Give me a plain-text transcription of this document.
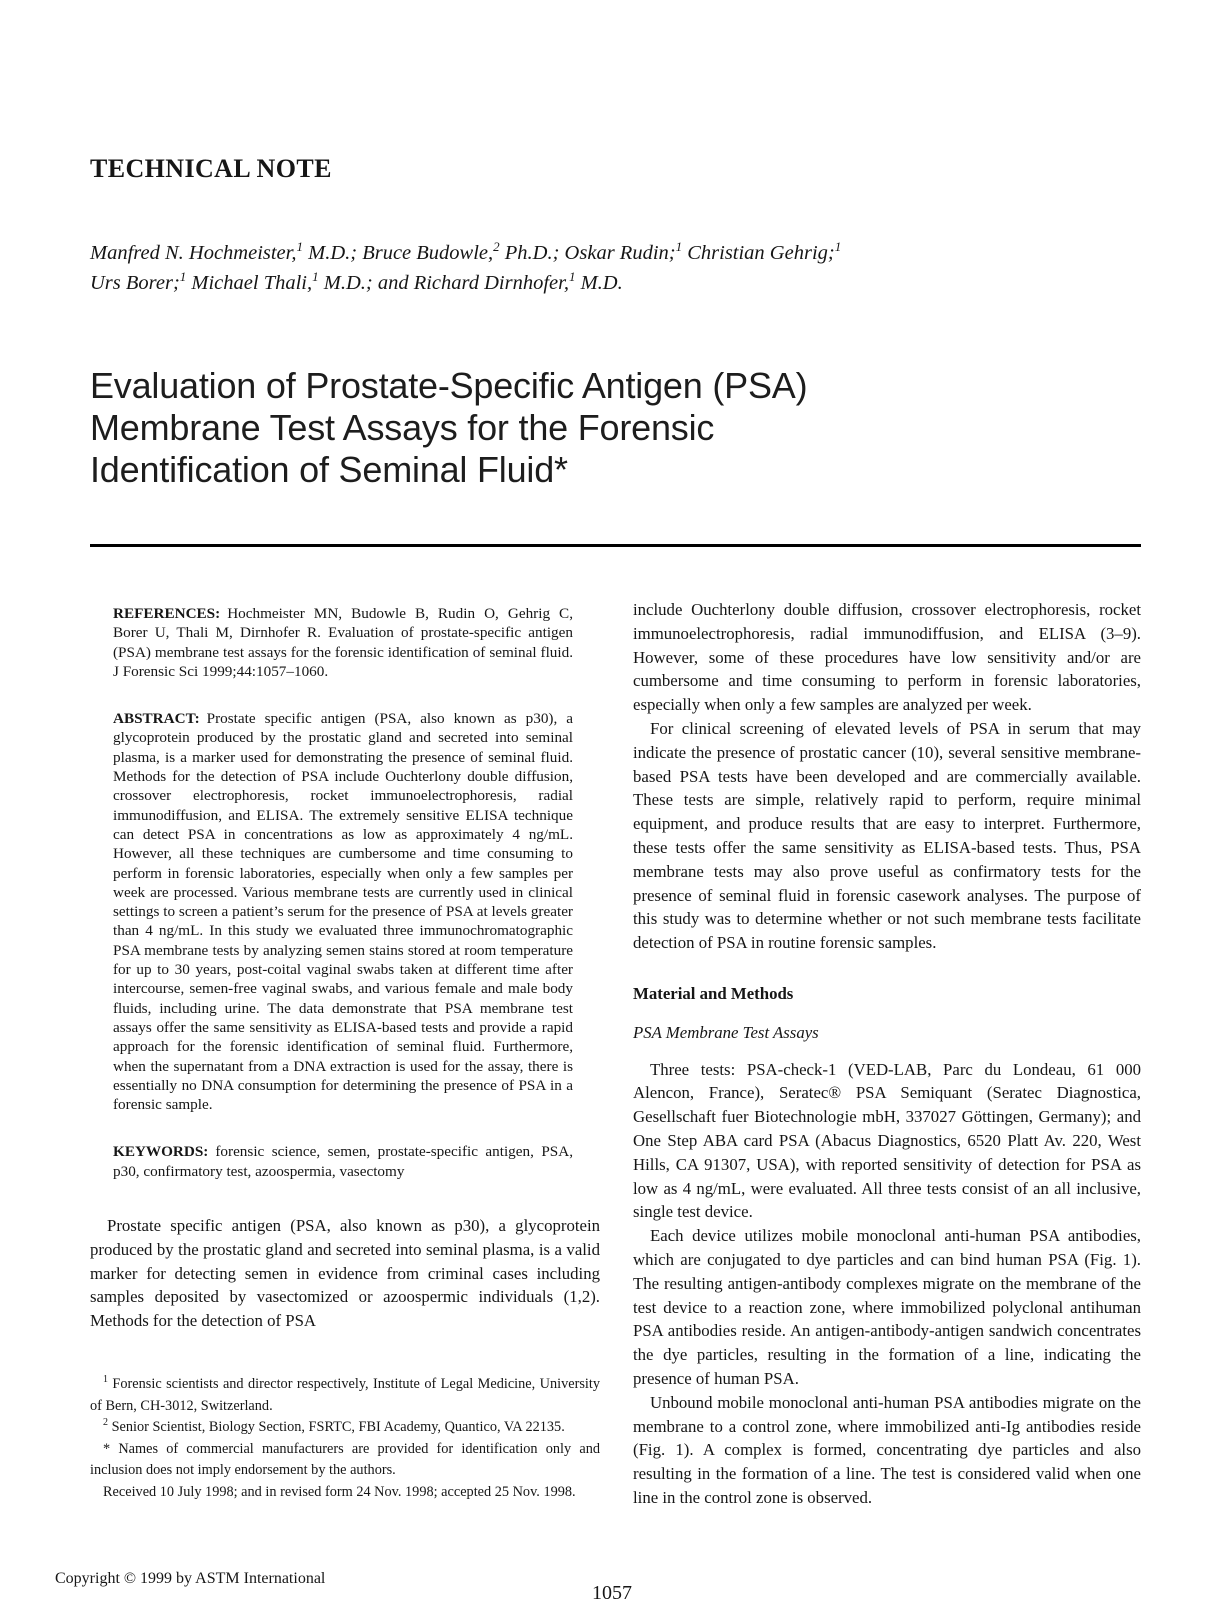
TECHNICAL NOTE
Manfred N. Hochmeister,$^1$ M.D.; Bruce Budowle,$^2$ Ph.D.; Oskar Rudin;$^1$ Christian Gehrig;$^1$
Urs Borer;$^1$ Michael Thali,$^1$ M.D.; and Richard Dirnhofer,$^1$ M.D.
Evaluation of Prostate-Specific Antigen (PSA)
Membrane Test Assays for the Forensic
Identification of Seminal Fluid*

REFERENCES: Hochmeister MN, Budowle B, Rudin O, Gehrig C, Borer U, Thali M, Dirnhofer R. Evaluation of prostate-specific antigen (PSA) membrane test assays for the forensic identification of seminal fluid. J Forensic Sci 1999;44:1057–1060.

ABSTRACT: Prostate specific antigen (PSA, also known as p30), a glycoprotein produced by the prostatic gland and secreted into seminal plasma, is a marker used for demonstrating the presence of seminal fluid. Methods for the detection of PSA include Ouchterlony double diffusion, crossover electrophoresis, rocket immunoelectrophoresis, radial immunodiffusion, and ELISA. The extremely sensitive ELISA technique can detect PSA in concentrations as low as approximately 4 ng/mL. However, all these techniques are cumbersome and time consuming to perform in forensic laboratories, especially when only a few samples per week are processed. Various membrane tests are currently used in clinical settings to screen a patient’s serum for the presence of PSA at levels greater than 4 ng/mL. In this study we evaluated three immunochromatographic PSA membrane tests by analyzing semen stains stored at room temperature for up to 30 years, post-coital vaginal swabs taken at different time after intercourse, semen-free vaginal swabs, and various female and male body fluids, including urine. The data demonstrate that PSA membrane test assays offer the same sensitivity as ELISA-based tests and provide a rapid approach for the forensic identification of seminal fluid. Furthermore, when the supernatant from a DNA extraction is used for the assay, there is essentially no DNA consumption for determining the presence of PSA in a forensic sample.

KEYWORDS: forensic science, semen, prostate-specific antigen, PSA, p30, confirmatory test, azoospermia, vasectomy

Prostate specific antigen (PSA, also known as p30), a glycoprotein produced by the prostatic gland and secreted into seminal plasma, is a valid marker for detecting semen in evidence from criminal cases including samples deposited by vasectomized or azoospermic individuals (1,2). Methods for the detection of PSA

$^1$ Forensic scientists and director respectively, Institute of Legal Medicine, University of Bern, CH-3012, Switzerland.

$^2$ Senior Scientist, Biology Section, FSRTC, FBI Academy, Quantico, VA 22135.

* Names of commercial manufacturers are provided for identification only and inclusion does not imply endorsement by the authors.

Received 10 July 1998; and in revised form 24 Nov. 1998; accepted 25 Nov. 1998.

include Ouchterlony double diffusion, crossover electrophoresis, rocket immunoelectrophoresis, radial immunodiffusion, and ELISA (3–9). However, some of these procedures have low sensitivity and/or are cumbersome and time consuming to perform in forensic laboratories, especially when only a few samples are analyzed per week.

For clinical screening of elevated levels of PSA in serum that may indicate the presence of prostatic cancer (10), several sensitive membrane-based PSA tests have been developed and are commercially available. These tests are simple, relatively rapid to perform, require minimal equipment, and produce results that are easy to interpret. Furthermore, these tests offer the same sensitivity as ELISA-based tests. Thus, PSA membrane tests may also prove useful as confirmatory tests for the presence of seminal fluid in forensic casework analyses. The purpose of this study was to determine whether or not such membrane tests facilitate detection of PSA in routine forensic samples.

Material and Methods
PSA Membrane Test Assays

Three tests: PSA-check-1 (VED-LAB, Parc du Londeau, 61 000 Alencon, France), Seratec® PSA Semiquant (Seratec Diagnostica, Gesellschaft fuer Biotechnologie mbH, 337027 Göttingen, Germany); and One Step ABA card PSA (Abacus Diagnostics, 6520 Platt Av. 220, West Hills, CA 91307, USA), with reported sensitivity of detection for PSA as low as 4 ng/mL, were evaluated. All three tests consist of an all inclusive, single test device.

Each device utilizes mobile monoclonal anti-human PSA antibodies, which are conjugated to dye particles and can bind human PSA (Fig. 1). The resulting antigen-antibody complexes migrate on the membrane of the test device to a reaction zone, where immobilized polyclonal antihuman PSA antibodies reside. An antigen-antibody-antigen sandwich concentrates the dye particles, resulting in the formation of a line, indicating the presence of human PSA.

Unbound mobile monoclonal anti-human PSA antibodies migrate on the membrane to a control zone, where immobilized anti-Ig antibodies reside (Fig. 1). A complex is formed, concentrating dye particles and also resulting in the formation of a line. The test is considered valid when one line in the control zone is observed.

Copyright © 1999 by ASTM International
1057
